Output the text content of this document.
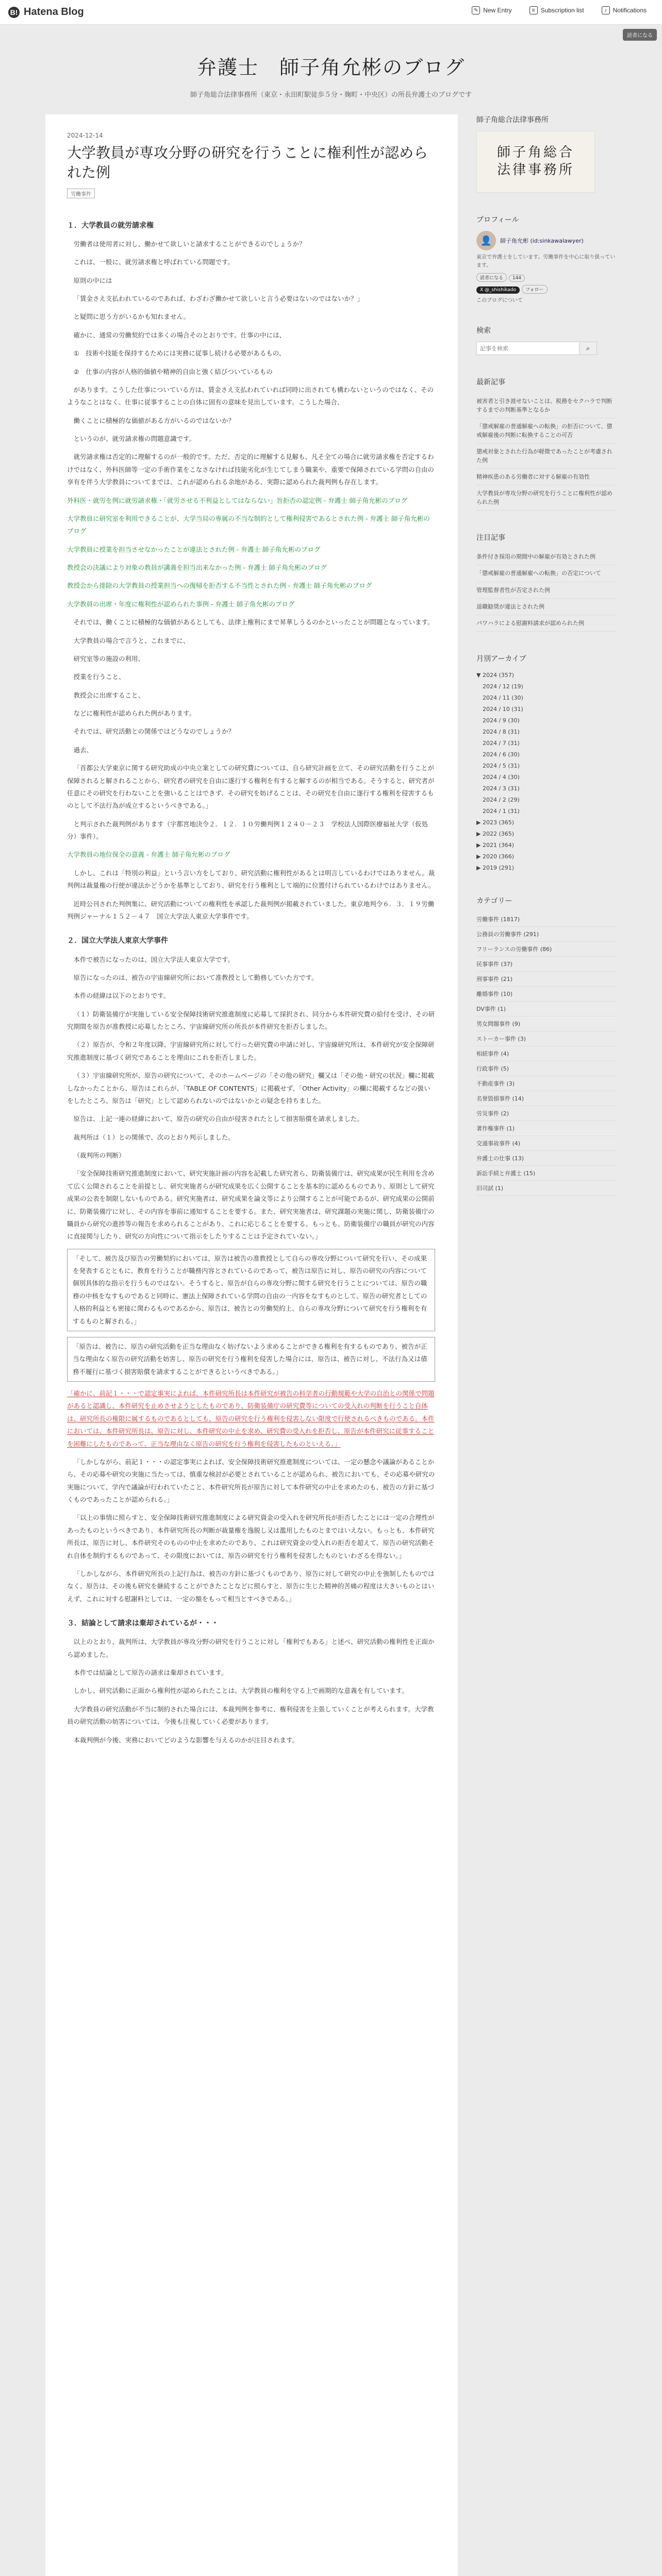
B! Hatena Blog	✎ New Entry	≡ Subscription list	♪ Notifications
読者になる
弁護士　師子角允彬のブログ
師子角総合法律事務所（東京・永田町駅徒歩５分・麹町・中央区）の所長弁護士のブログです
2024-12-14
大学教員が専攻分野の研究を行うことに権利性が認められた例
労働事件
１．大学教員の就労請求権

労働者は使用者に対し、働かせて欲しいと請求することができるのでしょうか？

これは、一般に、就労請求権と呼ばれている問題です。

原則の中には

「賃金さえ支払われているのであれば、わざわざ働かせて欲しいと言う必要はないのではないか？」

と疑問に思う方がいるかも知れません。

確かに、通常の労働契約では多くの場合そのとおりです。仕事の中には、

①　技術や技能を保持するためには実務に従事し続ける必要があるもの、

②　仕事の内容が人格的価値や精神的自由と強く結びついているもの

があります。こうした仕事についている方は、賃金さえ支払われていれば同時に出されても構わないというのではなく、そのようなことはなく、仕事に従事することの自体に固有の意味を見出しています。こうした場合、

働くことに積極的な価値がある方がいるのではないか？

というのが、就労請求権の問題意識です。

就労請求権は否定的に理解するのが一般的です。ただ、否定的に理解する見解も、凡そ全ての場合に就労請求権を否定するわけではなく、外科医師等一定の手術作業をこなさなければ技能劣化が生じてしまう職業や、重要で保障されている学問の自由の享有を伴う大学教員についてまでは、これが認められる余地がある、実際に認められた裁判例も存在します。

外科医・就労を例に就労請求権・「就労させる不利益としてはならない」旨拒否の認定例 - 弁護士 師子角允彬のブログ

大学教員に研究室を利用できることが、大学当局の専属の不当な制約として権利侵害であるとされた例 - 弁護士 師子角允彬のブログ

大学教員に授業を担当させなかったことが違法とされた例 - 弁護士 師子角允彬のブログ

教授会の決議により対象の教員が講義を担当出来なかった例 - 弁護士 師子角允彬のブログ

教授会から排除の大学教員の授業担当への復帰を拒否する不当性とされた例 - 弁護士 師子角允彬のブログ

大学教員の出席・年度に権利性が認められた事例 - 弁護士 師子角允彬のブログ

それでは、働くことに積極的な価値があるとしても、法律上権利にまで昇華しうるのかといったことが問題となっています。

大学教員の場合で言うと、これまでに、

研究室等の施設の利用、

授業を行うこと、

教授会に出席すること、

などに権利性が認められた例があります。

それでは、研究活動との関係ではどうなのでしょうか？

過去、

「首都公大学東京に関する研究助成の中央立案としての研究費については、自ら研究計画を立て、その研究活動を行うことが保障されると解されることから、研究者の研究を自由に遂行する権利を有すると解するのが相当である。そうすると、研究者が任意にその研究を行わないことを強いることはできず、その研究を妨げることは、その研究を自由に遂行する権利を侵害するものとして不法行為が成立するというべきである。」

と判示された裁判例があります（宇都宮地決令２．１２．１０労働判例１２４０－２３　学校法人国際医療福祉大学（仮処分）事件）。

大学教員の地位保全の意義 - 弁護士 師子角允彬のブログ

しかし、これは「特別の利益」という言い方をしており、研究活動に権利性があるとは明言しているわけではありません。裁判例は裁量権の行使が違法かどうかを基準としており、研究を行う権利として端的に位置付けられているわけではありません。

近時公刊された判例集に、研究活動についての権利性を承認した裁判例が掲載されていました。東京地判令６．３．１９労働判例ジャーナル１５２－４７　国立大学法人東京大学事件です。

２．国立大学法人東京大学事件

本件で被告になったのは、国立大学法人東京大学です。

原告になったのは、被告の宇宙線研究所において准教授として勤務していた方です。

本件の経緯は以下のとおりです。

（１）防衛装備庁が実施している安全保障技術研究推進制度に応募して採択され、同分から本件研究費の給付を受け、その研究期間を原告が准教授に応募したところ、宇宙線研究所の所長が本件研究を拒否しました。

（２）原告が、令和２年度以降、宇宙線研究所に対して行った研究費の申請に対し、宇宙線研究所は、本件研究が安全保障研究推進制度に基づく研究であることを理由にこれを拒否しました。

（３）宇宙線研究所が、原告の研究について、そのホームページの「その他の研究」欄又は「その他・研究の状況」欄に掲載しなかったことから、原告はこれらが、「TABLE OF CONTENTS」に掲載せず、「Other Activity」の欄に掲載するなどの扱いをしたところ、原告は「研究」として認められないのではないかとの疑念を持ちました。

原告は、上記一連の経緯において、原告の研究の自由が侵害されたとして損害賠償を請求しました。

裁判所は（１）との関係で、次のとおり判示しました。

（裁判所の判断）

「安全保障技術研究推進制度において、研究実施計画の内容を記載した研究者ら、防衛装備庁は、研究成果が民生利用を含めて広く公開されることを前提とし、研究実施者らが研究成果を広く公開することを基本的に認めるものであり、原則として研究成果の公表を制限しないものである。研究実施者は、研究成果を論文等により公開することが可能であるが、研究成果の公開前に、防衛装備庁に対し、その内容を事前に通知することを要する。また、研究実施者は、研究課題の実施に関し、防衛装備庁の職員から研究の進捗等の報告を求められることがあり、これに応じることを要する。もっとも、防衛装備庁の職員が研究の内容に直接関与したり、研究の方向性について指示をしたりすることは予定されていない。」

「そして、被告及び原告の労働契約においては、原告は被告の准教授として自らの専攻分野について研究を行い、その成果を発表するとともに、教育を行うことが職務内容とされているのであって、被告は原告に対し、原告の研究の内容について個別具体的な指示を行うものではない。そうすると、原告が自らの専攻分野に関する研究を行うことについては、原告の職務の中核をなすものであると同時に、憲法上保障されている学問の自由の一内容をなすものとして、原告の研究者としての人格的利益とも密接に関わるものであるから、原告は、被告との労働契約上、自らの専攻分野について研究を行う権利を有するものと解される。」

「原告は、被告に、原告の研究活動を正当な理由なく妨げないよう求めることができる権利を有するものであり、被告が正当な理由なく原告の研究活動を妨害し、原告の研究を行う権利を侵害した場合には、原告は、被告に対し、不法行為又は債務不履行に基づく損害賠償を請求することができるというべきである。」

「確かに、前記１・・・で認定事実によれば、本件研究所長は本件研究が被告の科学者の行動規範や大学の自治との関係で問題があると認識し、本件研究を止めさせようとしたものであり、防衛装備庁の研究費等についての受入れの判断を行うこと自体は、研究所長の権限に属するものであるとしても、原告の研究を行う権利を侵害しない限度で行使されるべきものである。本件においては、本件研究所長は、原告に対し、本件研究の中止を求め、研究費の受入れを拒否し、原告が本件研究に従事することを困難にしたものであって、正当な理由なく原告の研究を行う権利を侵害したものといえる。」

「しかしながら、前記１・・・の認定事実によれば、安全保障技術研究推進制度については、一定の懸念や議論があることから、その応募や研究の実施に当たっては、慎重な検討が必要とされていることが認められ、被告においても、その応募や研究の実施について、学内で議論が行われていたこと、本件研究所長が原告に対して本件研究の中止を求めたのも、被告の方針に基づくものであったことが認められる。」

「以上の事情に照らすと、安全保障技術研究推進制度による研究資金の受入れを研究所長が拒否したことには一定の合理性があったものというべきであり、本件研究所長の判断が裁量権を逸脱し又は濫用したものとまではいえない。もっとも、本件研究所長は、原告に対し、本件研究そのものの中止を求めたのであり、これは研究資金の受入れの拒否を超えて、原告の研究活動それ自体を制約するものであって、その限度においては、原告の研究を行う権利を侵害したものといわざるを得ない。」

「しかしながら、本件研究所長の上記行為は、被告の方針に基づくものであり、原告に対して研究の中止を強制したものではなく、原告は、その後も研究を継続することができたことなどに照らすと、原告に生じた精神的苦痛の程度は大きいものとはいえず、これに対する慰謝料としては、一定の額をもって相当とすべきである。」

３．結論として請求は棄却されているが・・・

以上のとおり、裁判所は、大学教員が専攻分野の研究を行うことに対し「権利でもある」と述べ、研究活動の権利性を正面から認めました。

本件では結論として原告の請求は棄却されています。

しかし、研究活動に正面から権利性が認められたことは、大学教員の権利を守る上で画期的な意義を有しています。

大学教員の研究活動が不当に制約された場合には、本裁判例を参考に、権利侵害を主張していくことが考えられます。大学教員の研究活動の妨害については、今後も注視していく必要があります。

本裁判例が今後、実務においてどのような影響を与えるのかが注目されます。

師子角総合法律事務所
師子角総合
法律事務所
プロフィール
👤	師子角允彬 (id:sinkawalawyer)
東京で弁護士をしています。労働事件を中心に取り扱っています。
読者になる 144
X @_shishikado フォロー
このブログについて
検索
記事を検索
⌕
最新記事
被害者と引き渡せないことは、税務をセクハラで判断するまでの判断基準となるか
「懲戒解雇の普通解雇への転換」の拒否について、懲戒解雇後の判断に転換することの可否
懲戒対象とされた行為が軽微であったことが考慮された例
精神疾患のある労働者に対する解雇の有効性
大学教員が専攻分野の研究を行うことに権利性が認められた例
注目記事
条件付き採用の期間中の解雇が有効とされた例
「懲戒解雇の普通解雇への転換」の否定について
管理監督者性が否定された例
退職勧奨が違法とされた例
パワハラによる慰謝料請求が認められた例
月別アーカイブ
▼ 2024 (357)
2024 / 12 (19)
2024 / 11 (30)
2024 / 10 (31)
2024 / 9 (30)
2024 / 8 (31)
2024 / 7 (31)
2024 / 6 (30)
2024 / 5 (31)
2024 / 4 (30)
2024 / 3 (31)
2024 / 2 (29)
2024 / 1 (31)
▶ 2023 (365)
▶ 2022 (365)
▶ 2021 (364)
▶ 2020 (366)
▶ 2019 (291)
カテゴリー
労働事件 (1817)
公務員の労働事件 (291)
フリーランスの労働事件 (86)
民事事件 (37)
刑事事件 (21)
離婚事件 (10)
DV事件 (1)
男女問題事件 (9)
ストーカー事件 (3)
相続事件 (4)
行政事件 (5)
不動産事件 (3)
名誉毀損事件 (14)
労災事件 (2)
著作権事件 (1)
交通事故事件 (4)
弁護士の仕事 (13)
訴訟手続と弁護士 (15)
旧司試 (1)
